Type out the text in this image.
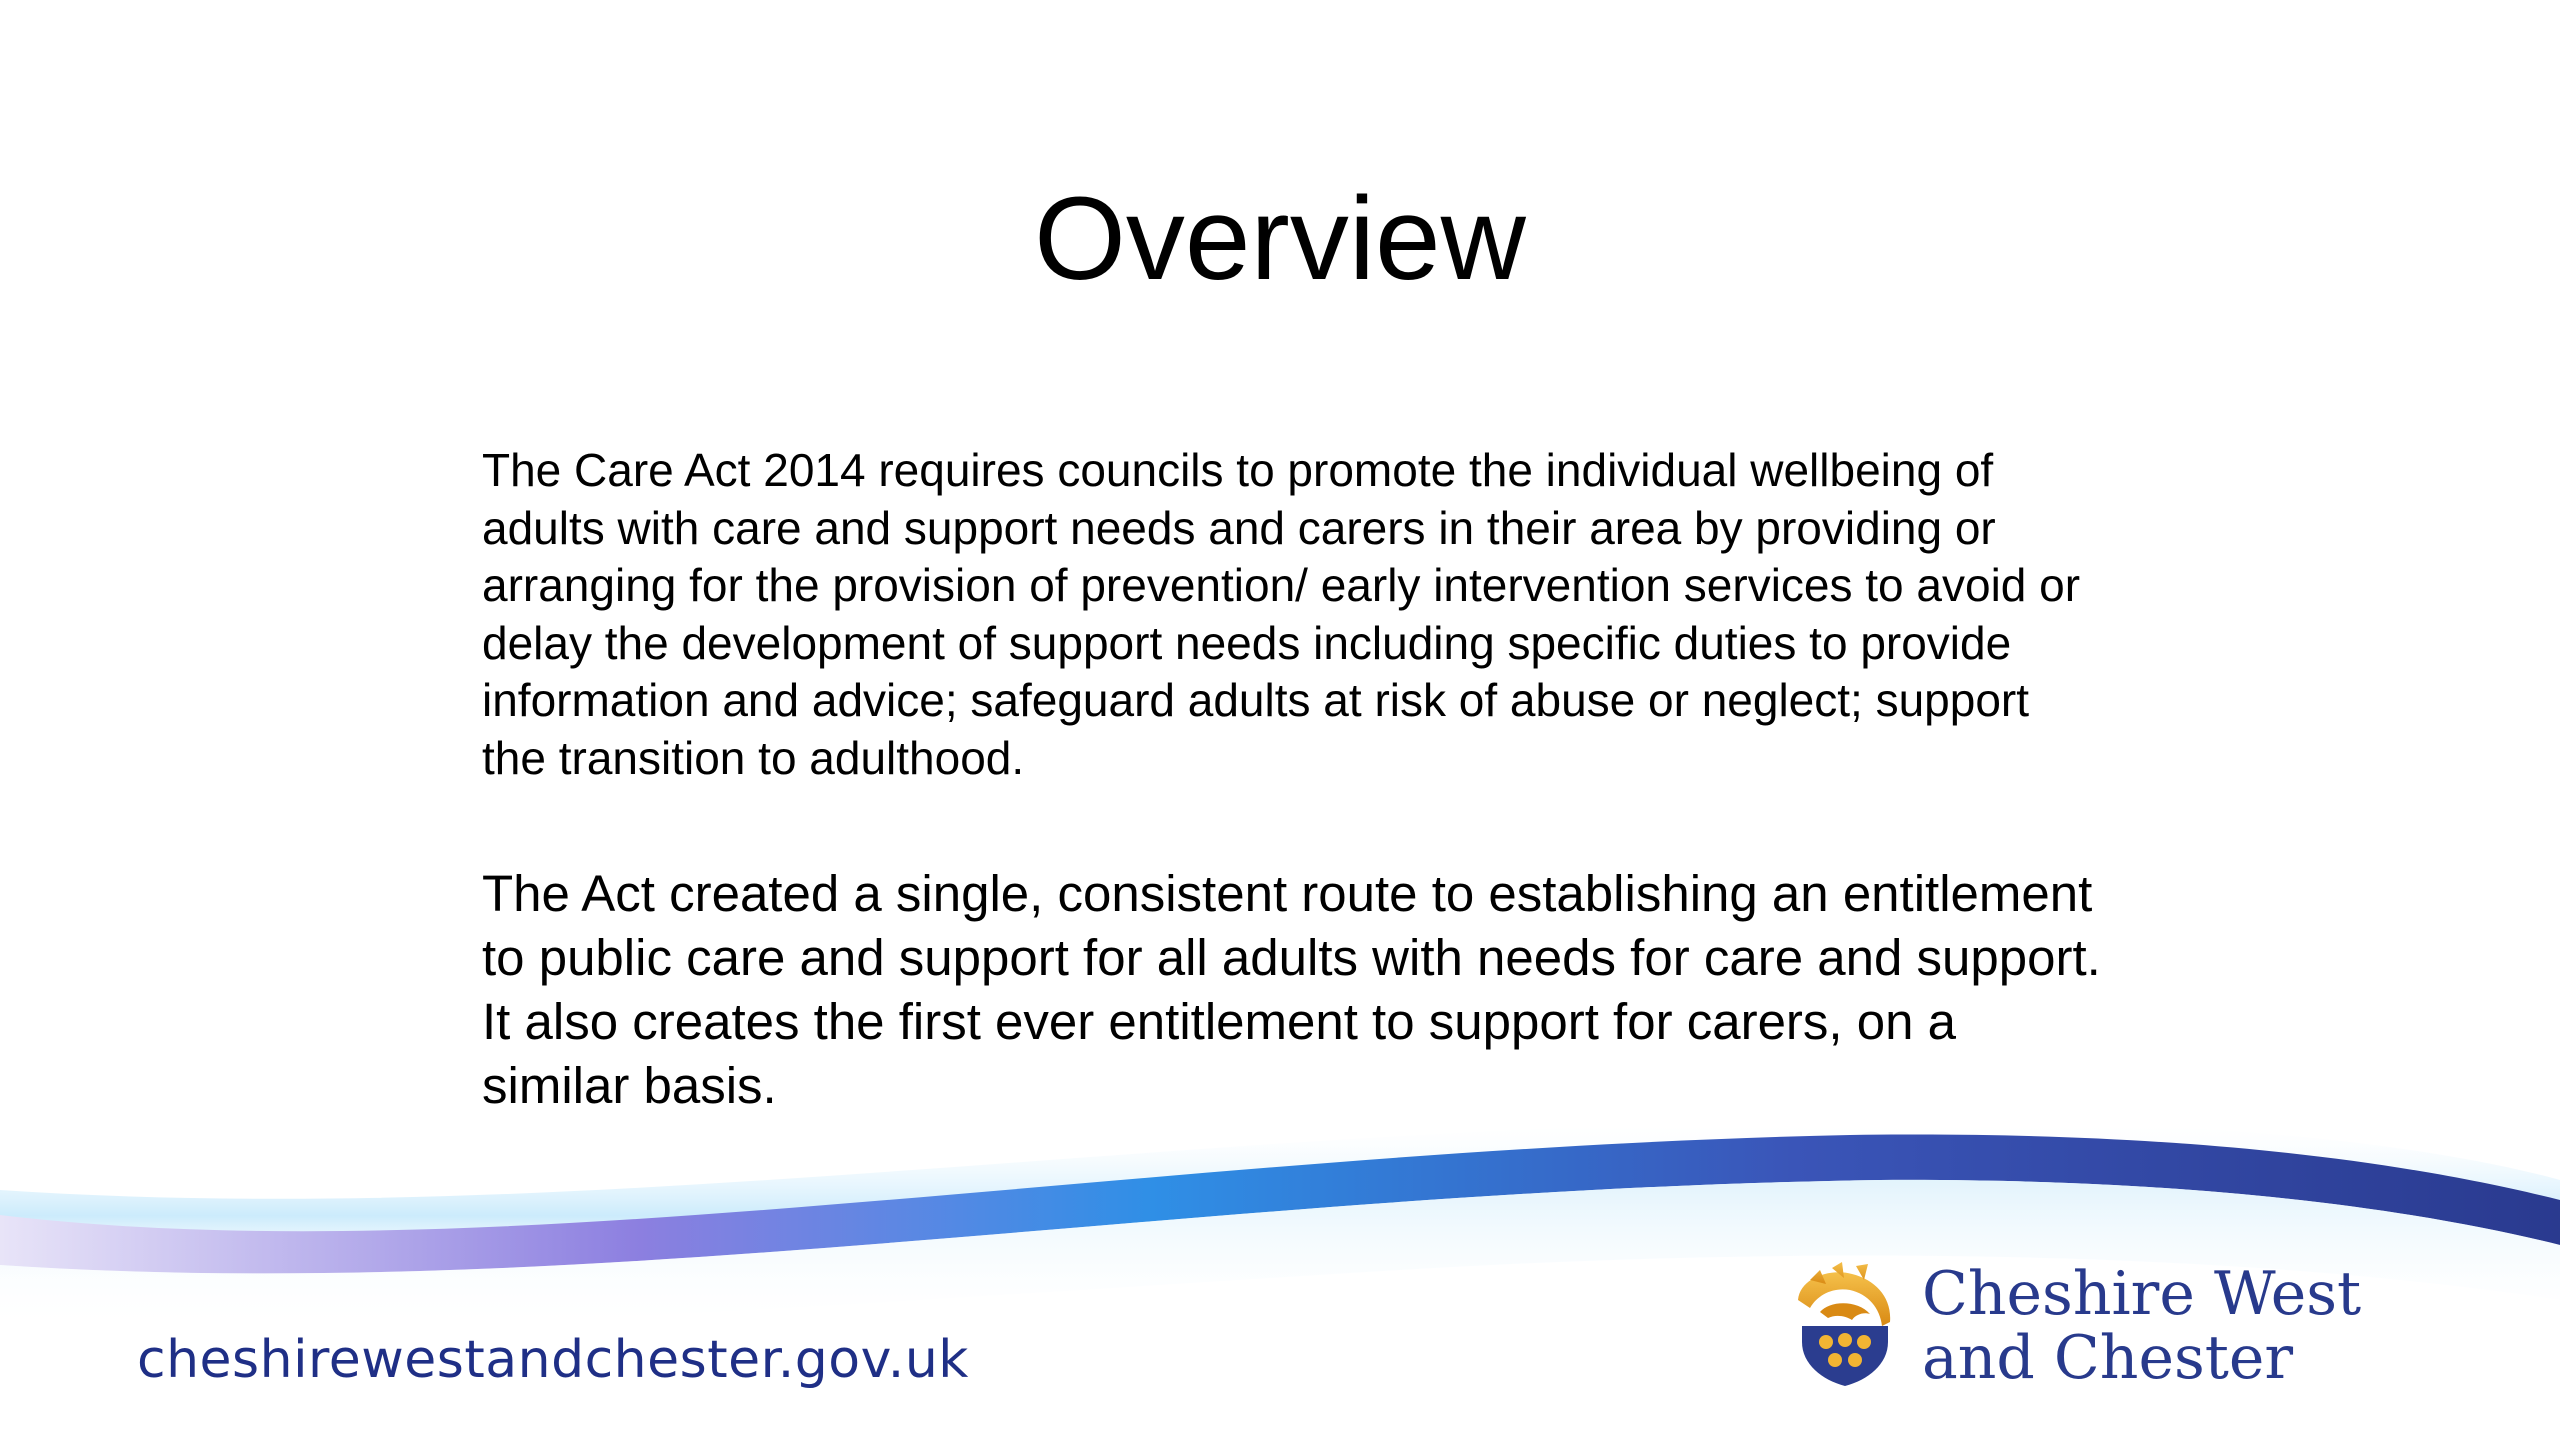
Overview

The Care Act 2014 requires councils to promote the individual wellbeing of adults with care and support needs and carers in their area by providing or arranging for the provision of prevention/ early intervention services to avoid or delay the development of support needs including specific duties to provide information and advice; safeguard adults at risk of abuse or neglect; support the transition to adulthood.

The Act created a single, consistent route to establishing an entitlement to public care and support for all adults with needs for care and support. It also creates the first ever entitlement to support for carers, on a similar basis.

cheshirewestandchester.gov.uk

Cheshire West
and Chester
